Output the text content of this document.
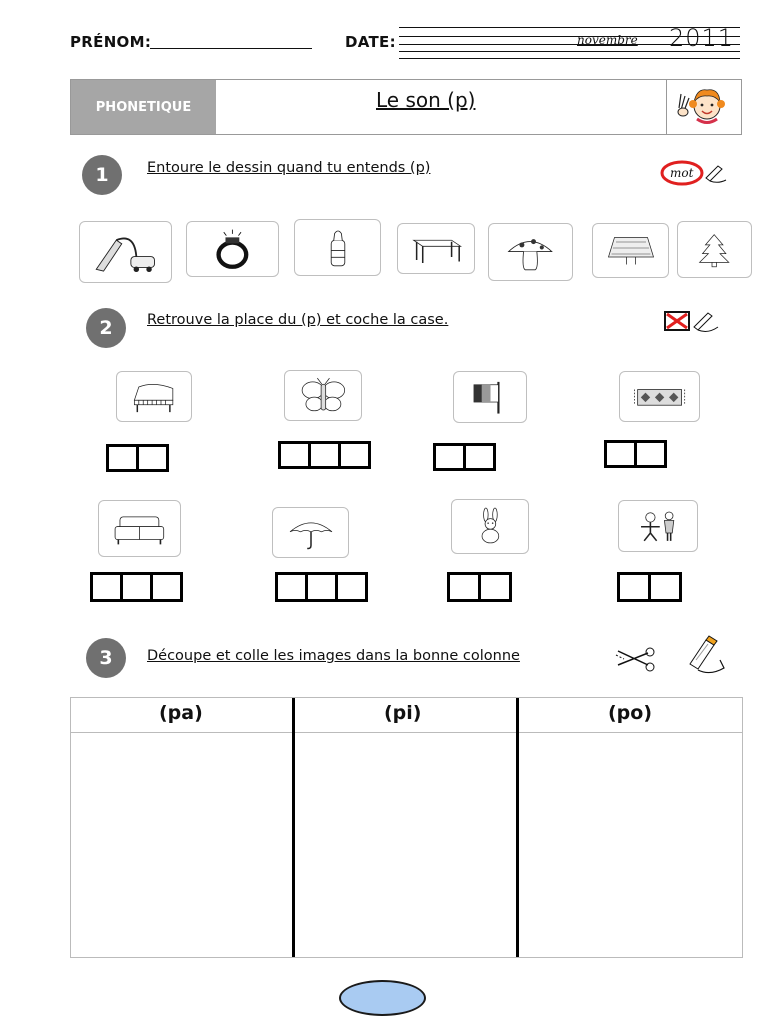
PRÉNOM:	DATE:	novembre 2011
PHONETIQUE	Le son (p)
1	Entoure le dessin quand tu entends (p)	mot
2	Retrouve la place du (p) et coche la case.
3	Découpe et colle les images dans la bonne colonne
(pa)	(pi)	(po)
